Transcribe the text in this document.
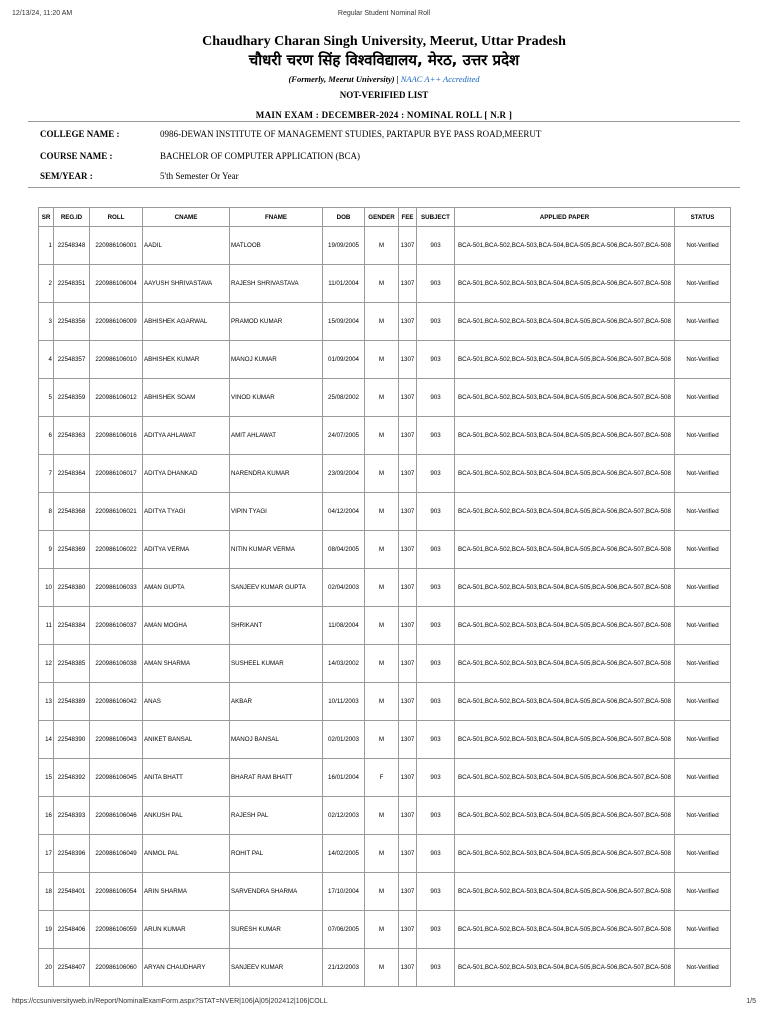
12/13/24, 11:20 AM	Regular Student Nominal Roll
Chaudhary Charan Singh University, Meerut, Uttar Pradesh
चौधरी चरण सिंह विश्वविद्यालय, मेरठ, उत्तर प्रदेश
(Formerly, Meerut University) | NAAC A++ Accredited
NOT-VERIFIED LIST
MAIN EXAM : DECEMBER-2024 : NOMINAL ROLL [ N.R ]
COLLEGE NAME :	0986-DEWAN INSTITUTE OF MANAGEMENT STUDIES, PARTAPUR BYE PASS ROAD,MEERUT
COURSE NAME :	BACHELOR OF COMPUTER APPLICATION (BCA)
SEM/YEAR :	5'th Semester Or Year
SR	REG.ID	ROLL	CNAME	FNAME	DOB	GENDER	FEE	SUBJECT	APPLIED PAPER	STATUS
1	22548348	220986106001	AADIL	MATLOOB	19/09/2005	M	1307	903	BCA-501,BCA-502,BCA-503,BCA-504,BCA-505,BCA-506,BCA-507,BCA-508	Not-Verified
2	22548351	220986106004	AAYUSH SHRIVASTAVA	RAJESH SHRIVASTAVA	11/01/2004	M	1307	903	BCA-501,BCA-502,BCA-503,BCA-504,BCA-505,BCA-506,BCA-507,BCA-508	Not-Verified
3	22548356	220986106009	ABHISHEK AGARWAL	PRAMOD KUMAR	15/09/2004	M	1307	903	BCA-501,BCA-502,BCA-503,BCA-504,BCA-505,BCA-506,BCA-507,BCA-508	Not-Verified
4	22548357	220986106010	ABHISHEK KUMAR	MANOJ KUMAR	01/09/2004	M	1307	903	BCA-501,BCA-502,BCA-503,BCA-504,BCA-505,BCA-506,BCA-507,BCA-508	Not-Verified
5	22548359	220986106012	ABHISHEK SOAM	VINOD KUMAR	25/08/2002	M	1307	903	BCA-501,BCA-502,BCA-503,BCA-504,BCA-505,BCA-506,BCA-507,BCA-508	Not-Verified
6	22548363	220986106016	ADITYA AHLAWAT	AMIT AHLAWAT	24/07/2005	M	1307	903	BCA-501,BCA-502,BCA-503,BCA-504,BCA-505,BCA-506,BCA-507,BCA-508	Not-Verified
7	22548364	220986106017	ADITYA DHANKAD	NARENDRA KUMAR	23/09/2004	M	1307	903	BCA-501,BCA-502,BCA-503,BCA-504,BCA-505,BCA-506,BCA-507,BCA-508	Not-Verified
8	22548368	220986106021	ADITYA TYAGI	VIPIN TYAGI	04/12/2004	M	1307	903	BCA-501,BCA-502,BCA-503,BCA-504,BCA-505,BCA-506,BCA-507,BCA-508	Not-Verified
9	22548369	220986106022	ADITYA VERMA	NITIN KUMAR VERMA	08/04/2005	M	1307	903	BCA-501,BCA-502,BCA-503,BCA-504,BCA-505,BCA-506,BCA-507,BCA-508	Not-Verified
10	22548380	220986106033	AMAN GUPTA	SANJEEV KUMAR GUPTA	02/04/2003	M	1307	903	BCA-501,BCA-502,BCA-503,BCA-504,BCA-505,BCA-506,BCA-507,BCA-508	Not-Verified
11	22548384	220986106037	AMAN MOGHA	SHRIKANT	11/08/2004	M	1307	903	BCA-501,BCA-502,BCA-503,BCA-504,BCA-505,BCA-506,BCA-507,BCA-508	Not-Verified
12	22548385	220986106038	AMAN SHARMA	SUSHEEL KUMAR	14/03/2002	M	1307	903	BCA-501,BCA-502,BCA-503,BCA-504,BCA-505,BCA-506,BCA-507,BCA-508	Not-Verified
13	22548389	220986106042	ANAS	AKBAR	10/11/2003	M	1307	903	BCA-501,BCA-502,BCA-503,BCA-504,BCA-505,BCA-506,BCA-507,BCA-508	Not-Verified
14	22548390	220986106043	ANIKET BANSAL	MANOJ BANSAL	02/01/2003	M	1307	903	BCA-501,BCA-502,BCA-503,BCA-504,BCA-505,BCA-506,BCA-507,BCA-508	Not-Verified
15	22548392	220986106045	ANITA BHATT	BHARAT RAM BHATT	16/01/2004	F	1307	903	BCA-501,BCA-502,BCA-503,BCA-504,BCA-505,BCA-506,BCA-507,BCA-508	Not-Verified
16	22548393	220986106046	ANKUSH PAL	RAJESH PAL	02/12/2003	M	1307	903	BCA-501,BCA-502,BCA-503,BCA-504,BCA-505,BCA-506,BCA-507,BCA-508	Not-Verified
17	22548396	220986106049	ANMOL PAL	ROHIT PAL	14/02/2005	M	1307	903	BCA-501,BCA-502,BCA-503,BCA-504,BCA-505,BCA-506,BCA-507,BCA-508	Not-Verified
18	22548401	220986106054	ARIN SHARMA	SARVENDRA SHARMA	17/10/2004	M	1307	903	BCA-501,BCA-502,BCA-503,BCA-504,BCA-505,BCA-506,BCA-507,BCA-508	Not-Verified
19	22548406	220986106059	ARUN KUMAR	SURESH KUMAR	07/06/2005	M	1307	903	BCA-501,BCA-502,BCA-503,BCA-504,BCA-505,BCA-506,BCA-507,BCA-508	Not-Verified
20	22548407	220986106060	ARYAN CHAUDHARY	SANJEEV KUMAR	21/12/2003	M	1307	903	BCA-501,BCA-502,BCA-503,BCA-504,BCA-505,BCA-506,BCA-507,BCA-508	Not-Verified
https://ccsuniversityweb.in/Report/NominalExamForm.aspx?STAT=NVER|106|A|05|202412|106|COLL	1/5
